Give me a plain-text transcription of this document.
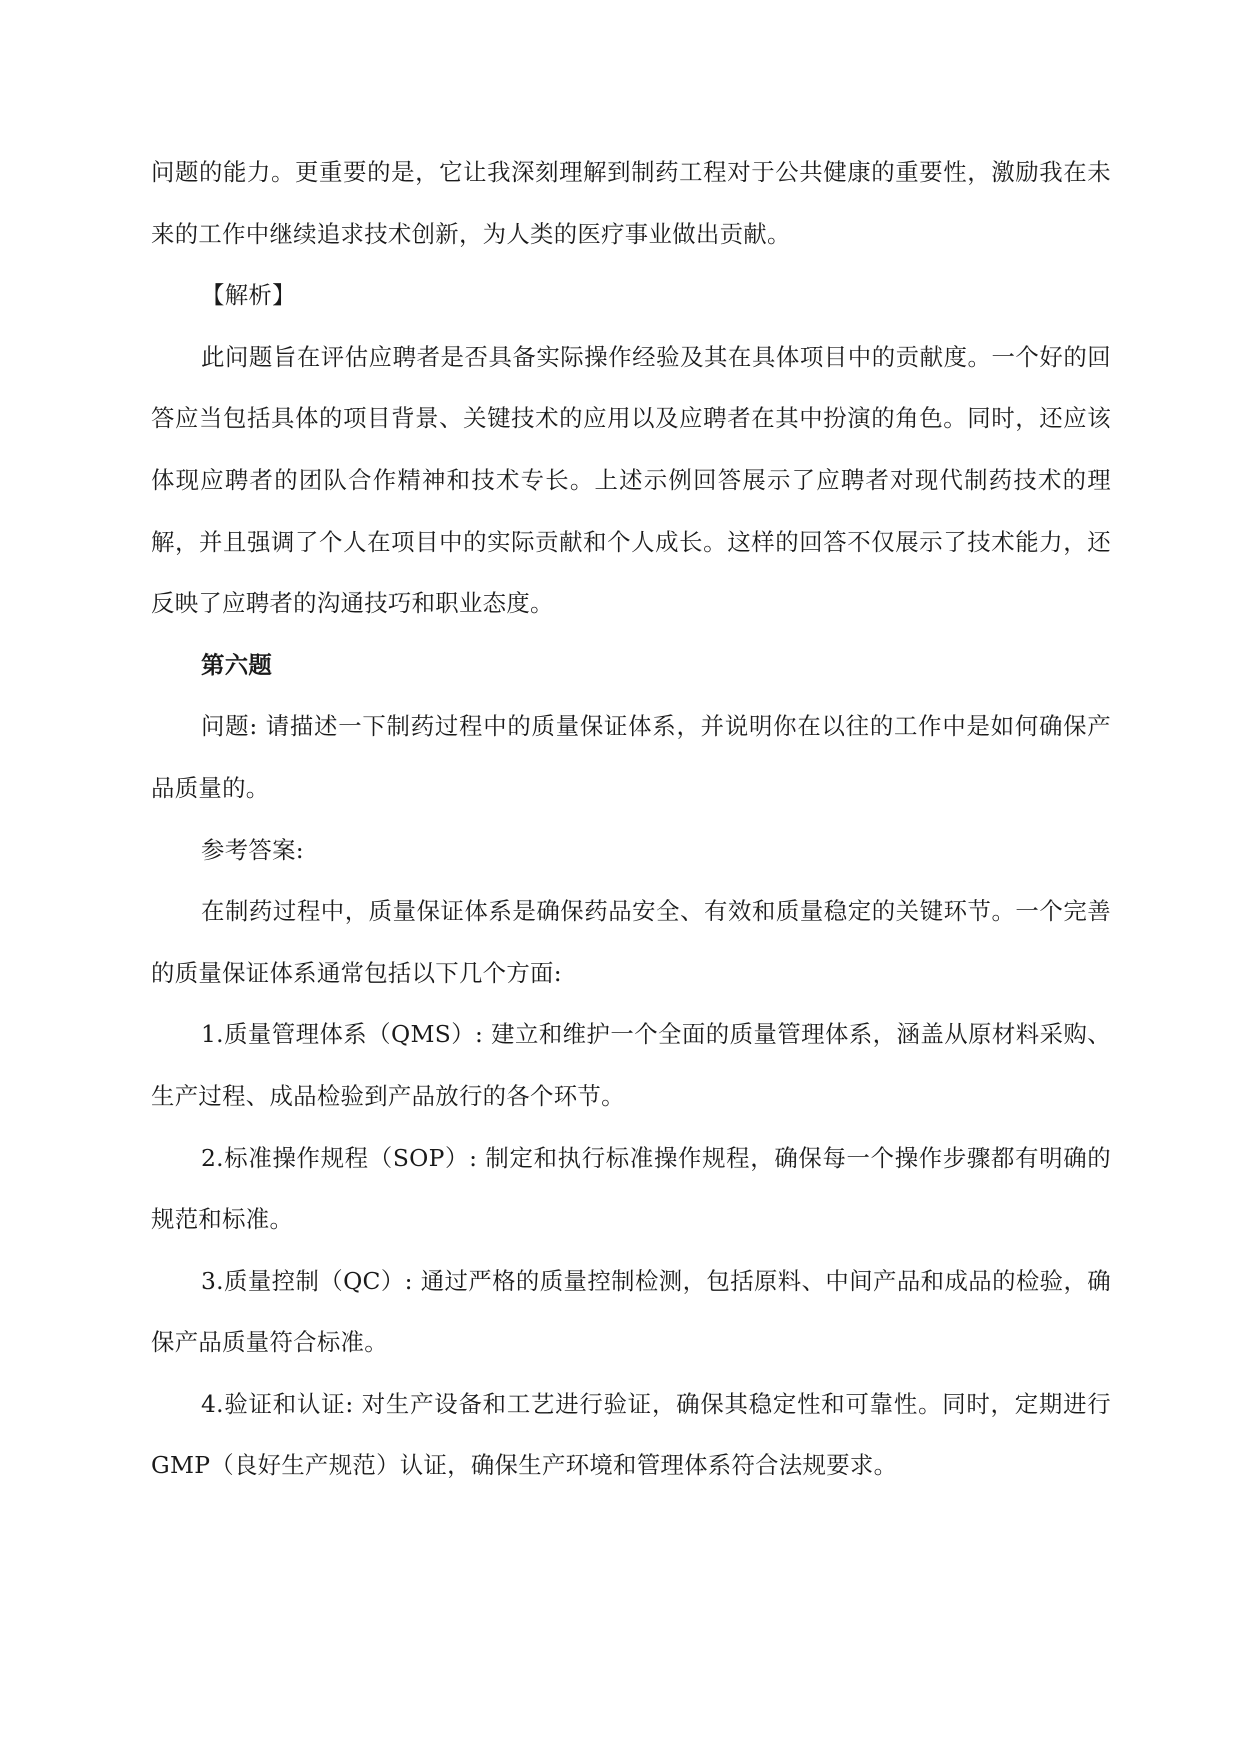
问题的能力。更重要的是，它让我深刻理解到制药工程对于公共健康的重要性，激励我在未来的工作中继续追求技术创新，为人类的医疗事业做出贡献。

【解析】

此问题旨在评估应聘者是否具备实际操作经验及其在具体项目中的贡献度。一个好的回答应当包括具体的项目背景、关键技术的应用以及应聘者在其中扮演的角色。同时，还应该体现应聘者的团队合作精神和技术专长。上述示例回答展示了应聘者对现代制药技术的理解，并且强调了个人在项目中的实际贡献和个人成长。这样的回答不仅展示了技术能力，还反映了应聘者的沟通技巧和职业态度。

第六题

问题: 请描述一下制药过程中的质量保证体系，并说明你在以往的工作中是如何确保产品质量的。

参考答案:

在制药过程中，质量保证体系是确保药品安全、有效和质量稳定的关键环节。一个完善的质量保证体系通常包括以下几个方面:

1.质量管理体系（QMS）: 建立和维护一个全面的质量管理体系，涵盖从原材料采购、生产过程、成品检验到产品放行的各个环节。

2.标准操作规程（SOP）: 制定和执行标准操作规程，确保每一个操作步骤都有明确的规范和标准。

3.质量控制（QC）: 通过严格的质量控制检测，包括原料、中间产品和成品的检验，确保产品质量符合标准。

4.验证和认证: 对生产设备和工艺进行验证，确保其稳定性和可靠性。同时，定期进行GMP（良好生产规范）认证，确保生产环境和管理体系符合法规要求。
